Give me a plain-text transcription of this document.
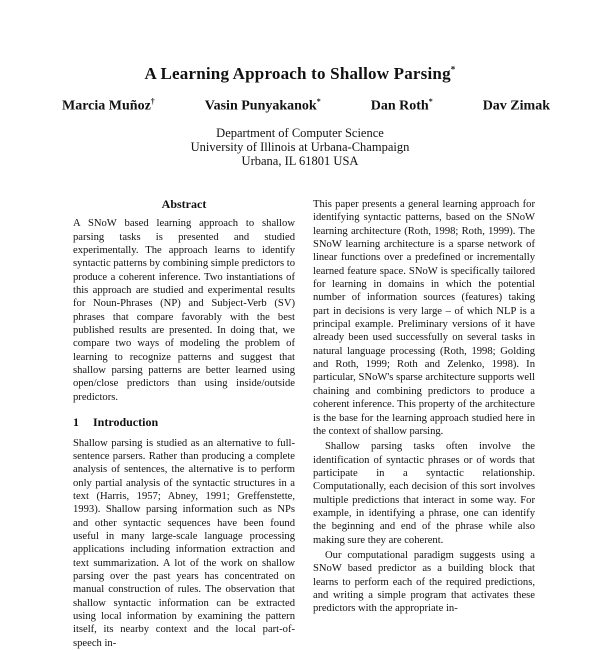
A Learning Approach to Shallow Parsing*
Marcia Muñoz†	Vasin Punyakanok*	Dan Roth*	Dav Zimak
Department of Computer Science
University of Illinois at Urbana-Champaign
Urbana, IL 61801 USA
Abstract

A SNoW based learning approach to shallow parsing tasks is presented and studied experimentally. The approach learns to identify syntactic patterns by combining simple predictors to produce a coherent inference. Two instantiations of this approach are studied and experimental results for Noun-Phrases (NP) and Subject-Verb (SV) phrases that compare favorably with the best published results are presented. In doing that, we compare two ways of modeling the problem of learning to recognize patterns and suggest that shallow parsing patterns are better learned using open/close predictors than using inside/outside predictors.

1 Introduction

Shallow parsing is studied as an alternative to full-sentence parsers. Rather than producing a complete analysis of sentences, the alternative is to perform only partial analysis of the syntactic structures in a text (Harris, 1957; Abney, 1991; Greffenstette, 1993). Shallow parsing information such as NPs and other syntactic sequences have been found useful in many large-scale language processing applications including information extraction and text summarization. A lot of the work on shallow parsing over the past years has concentrated on manual construction of rules. The observation that shallow syntactic information can be extracted using local information by examining the pattern itself, its nearby context and the local part-of-speech in-

This paper presents a general learning approach for identifying syntactic patterns, based on the SNoW learning architecture (Roth, 1998; Roth, 1999). The SNoW learning architecture is a sparse network of linear functions over a predefined or incrementally learned feature space. SNoW is specifically tailored for learning in domains in which the potential number of information sources (features) taking part in decisions is very large – of which NLP is a principal example. Preliminary versions of it have already been used successfully on several tasks in natural language processing (Roth, 1998; Golding and Roth, 1999; Roth and Zelenko, 1998). In particular, SNoW's sparse architecture supports well chaining and combining predictors to produce a coherent inference. This property of the architecture is the base for the learning approach studied here in the context of shallow parsing.

Shallow parsing tasks often involve the identification of syntactic phrases or of words that participate in a syntactic relationship. Computationally, each decision of this sort involves multiple predictions that interact in some way. For example, in identifying a phrase, one can identify the beginning and end of the phrase while also making sure they are coherent.

Our computational paradigm suggests using a SNoW based predictor as a building block that learns to perform each of the required predictions, and writing a simple program that activates these predictors with the appropriate in-
